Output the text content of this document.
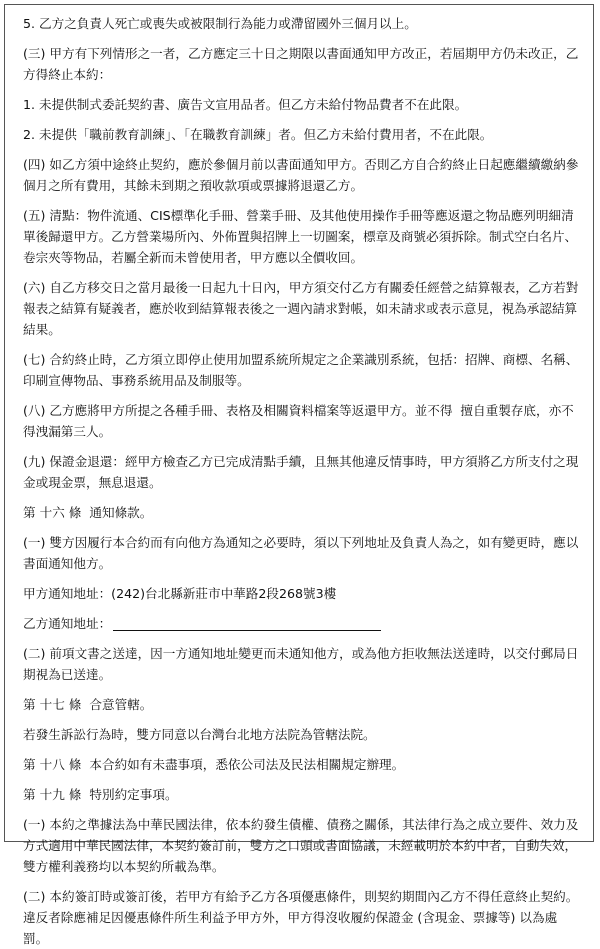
5. 乙方之負責人死亡或喪失或被限制行為能力或滯留國外三個月以上。

(三) 甲方有下列情形之一者，乙方應定三十日之期限以書面通知甲方改正，若屆期甲方仍未改正，乙方得終止本約：

1. 未提供制式委託契約書、廣告文宣用品者。但乙方未給付物品費者不在此限。

2. 未提供「職前教育訓練」、「在職教育訓練」者。但乙方未給付費用者，不在此限。

(四) 如乙方須中途終止契約，應於參個月前以書面通知甲方。否則乙方自合約終止日起應繼續繳納參個月之所有費用，其餘未到期之預收款項或票據將退還乙方。

(五) 清點：物件流通、CIS標準化手冊、營業手冊、及其他使用操作手冊等應返還之物品應列明細清單後歸還甲方。乙方營業場所內、外佈置與招牌上一切圖案，標章及商號必須拆除。制式空白名片、卷宗夾等物品，若屬全新而未曾使用者，甲方應以全價收回。

(六) 自乙方移交日之當月最後一日起九十日內，甲方須交付乙方有關委任經營之結算報表，乙方若對報表之結算有疑義者，應於收到結算報表後之一週內請求對帳，如未請求或表示意見，視為承認結算結果。

(七) 合約終止時，乙方須立即停止使用加盟系統所規定之企業識別系統，包括：招牌、商標、名稱、印刷宣傳物品、事務系統用品及制服等。

(八) 乙方應將甲方所提之各種手冊、表格及相關資料檔案等返還甲方。並不得  擅自重製存底，亦不得洩漏第三人。

(九) 保證金退還：經甲方檢查乙方已完成清點手續，且無其他違反情事時，甲方須將乙方所支付之現金或現金票，無息退還。

第 十六 條  通知條款。

(一) 雙方因履行本合約而有向他方為通知之必要時，須以下列地址及負責人為之，如有變更時，應以書面通知他方。

甲方通知地址：(242)台北縣新莊市中華路2段268號3樓

乙方通知地址：

(二) 前項文書之送達，因一方通知地址變更而未通知他方，或為他方拒收無法送達時，以交付郵局日期視為已送達。

第 十七 條  合意管轄。

若發生訴訟行為時，雙方同意以台灣台北地方法院為管轄法院。

第 十八 條  本合約如有未盡事項，悉依公司法及民法相關規定辦理。

第 十九 條  特別約定事項。

(一) 本約之準據法為中華民國法律，依本約發生債權、債務之關係，其法律行為之成立要件、效力及方式適用中華民國法律，本契約簽訂前，雙方之口頭或書面協議，未經載明於本約中者，自動失效，雙方權利義務均以本契約所載為準。

(二) 本約簽訂時或簽訂後，若甲方有給予乙方各項優惠條件，則契約期間內乙方不得任意終止契約。違反者除應補足因優惠條件所生利益予甲方外，甲方得沒收履約保證金 (含現金、票據等) 以為處罰。
